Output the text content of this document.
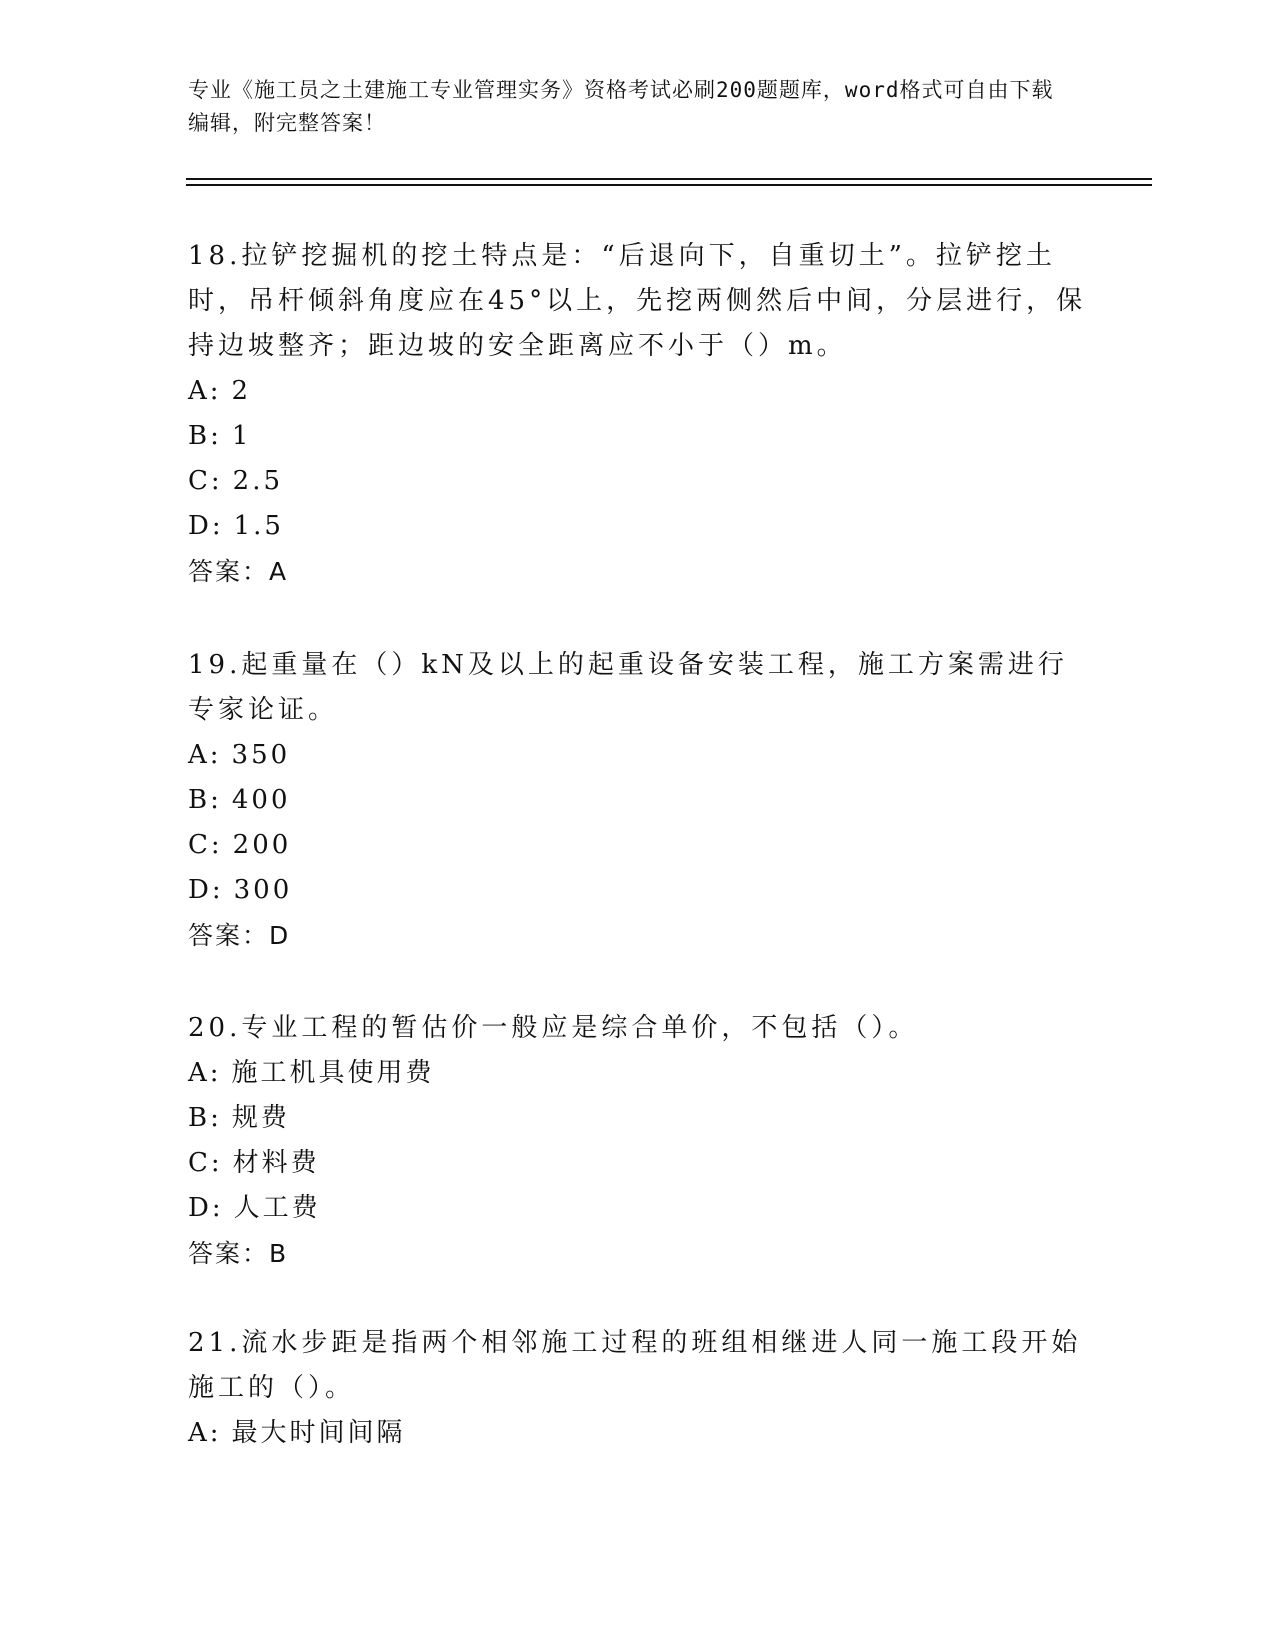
专业《施工员之土建施工专业管理实务》资格考试必刷200题题库，word格式可自由下载编辑，附完整答案！
18.拉铲挖掘机的挖土特点是：“后退向下，自重切土”。拉铲挖土时，吊杆倾斜角度应在45°以上，先挖两侧然后中间，分层进行，保持边坡整齐；距边坡的安全距离应不小于（）m。
A: 2
B: 1
C: 2.5
D: 1.5
答案：A
19.起重量在（）kN及以上的起重设备安装工程，施工方案需进行专家论证。
A: 350
B: 400
C: 200
D: 300
答案：D
20.专业工程的暂估价一般应是综合单价，不包括（）。
A: 施工机具使用费
B: 规费
C: 材料费
D: 人工费
答案：B
21.流水步距是指两个相邻施工过程的班组相继进人同一施工段开始施工的（）。
A: 最大时间间隔
